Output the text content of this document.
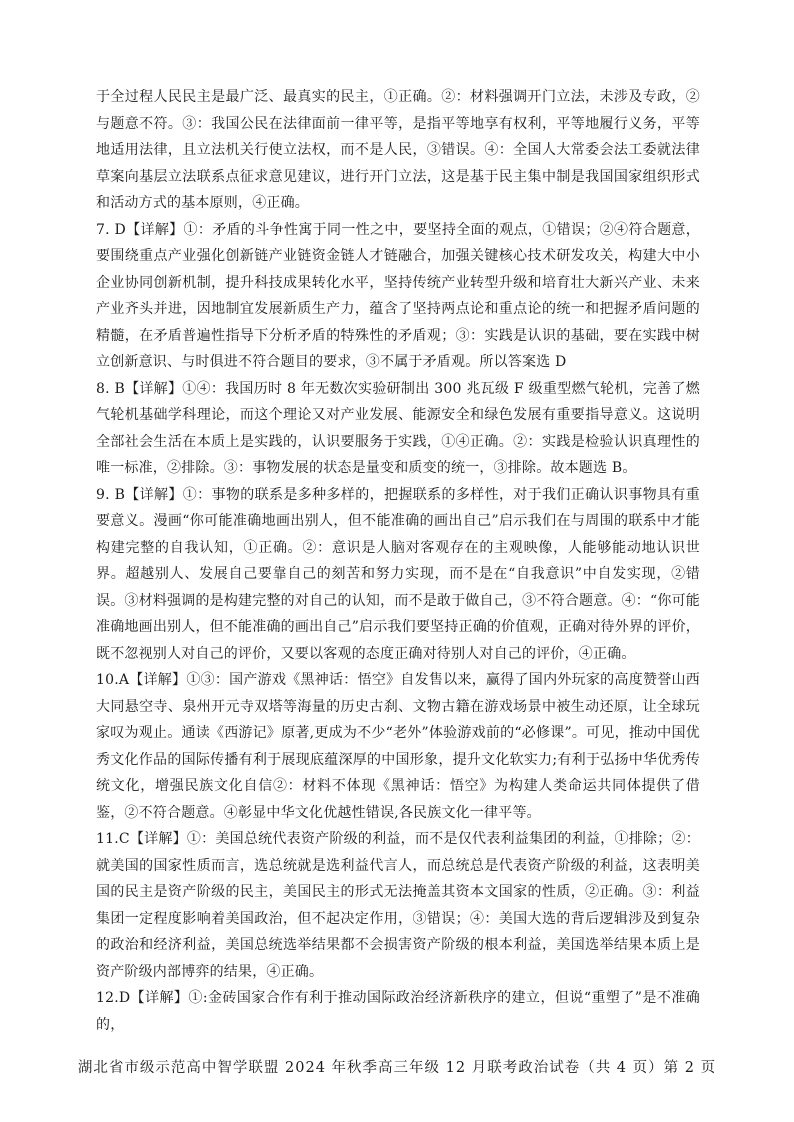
于全过程人民民主是最广泛、最真实的民主，①正确。②：材料强调开门立法，未涉及专政，②与题意不符。③：我国公民在法律面前一律平等，是指平等地享有权利，平等地履行义务，平等地适用法律，且立法机关行使立法权，而不是人民，③错误。④：全国人大常委会法工委就法律草案向基层立法联系点征求意见建议，进行开门立法，这是基于民主集中制是我国国家组织形式和活动方式的基本原则，④正确。

7. D【详解】①：矛盾的斗争性寓于同一性之中，要坚持全面的观点，①错误；②④符合题意，要围绕重点产业强化创新链产业链资金链人才链融合，加强关键核心技术研发攻关，构建大中小企业协同创新机制，提升科技成果转化水平，坚持传统产业转型升级和培育壮大新兴产业、未来产业齐头并进，因地制宜发展新质生产力，蕴含了坚持两点论和重点论的统一和把握矛盾问题的精髓，在矛盾普遍性指导下分析矛盾的特殊性的矛盾观；③：实践是认识的基础，要在实践中树立创新意识、与时俱进不符合题目的要求，③不属于矛盾观。所以答案选 D

8. B【详解】①④：我国历时 8 年无数次实验研制出 300 兆瓦级 F 级重型燃气轮机，完善了燃气轮机基础学科理论，而这个理论又对产业发展、能源安全和绿色发展有重要指导意义。这说明全部社会生活在本质上是实践的，认识要服务于实践，①④正确。②：实践是检验认识真理性的唯一标准，②排除。③：事物发展的状态是量变和质变的统一，③排除。故本题选 B。

9. B【详解】①：事物的联系是多种多样的，把握联系的多样性，对于我们正确认识事物具有重要意义。漫画“你可能准确地画出别人，但不能准确的画出自己”启示我们在与周围的联系中才能构建完整的自我认知，①正确。②：意识是人脑对客观存在的主观映像，人能够能动地认识世界。超越别人、发展自己要靠自己的刻苦和努力实现，而不是在“自我意识”中自发实现，②错误。③材料强调的是构建完整的对自己的认知，而不是敢于做自己，③不符合题意。④：“你可能准确地画出别人，但不能准确的画出自己”启示我们要坚持正确的价值观，正确对待外界的评价，既不忽视别人对自己的评价，又要以客观的态度正确对待别人对自己的评价，④正确。

10.A【详解】①③：国产游戏《黑神话：悟空》自发售以来，赢得了国内外玩家的高度赞誉山西大同悬空寺、泉州开元寺双塔等海量的历史古刹、文物古籍在游戏场景中被生动还原，让全球玩家叹为观止。通读《西游记》原著,更成为不少“老外”体验游戏前的“必修课”。可见，推动中国优秀文化作品的国际传播有利于展现底蕴深厚的中国形象，提升文化软实力;有利于弘扬中华优秀传统文化，增强民族文化自信②：材料不体现《黑神话：悟空》为构建人类命运共同体提供了借鉴，②不符合题意。④彰显中华文化优越性错误,各民族文化一律平等。

11.C【详解】①：美国总统代表资产阶级的利益，而不是仅代表利益集团的利益，①排除；②：就美国的国家性质而言，选总统就是选利益代言人，而总统总是代表资产阶级的利益，这表明美国的民主是资产阶级的民主，美国民主的形式无法掩盖其资本文国家的性质，②正确。③：利益集团一定程度影响着美国政治，但不起决定作用，③错误；④：美国大选的背后逻辑涉及到复杂的政治和经济利益，美国总统选举结果都不会损害资产阶级的根本利益，美国选举结果本质上是资产阶级内部博弈的结果，④正确。

12.D【详解】①:金砖国家合作有利于推动国际政治经济新秩序的建立，但说“重塑了”是不准确的，

湖北省市级示范高中智学联盟 2024 年秋季高三年级 12 月联考政治试卷（共 4 页）第 2 页
